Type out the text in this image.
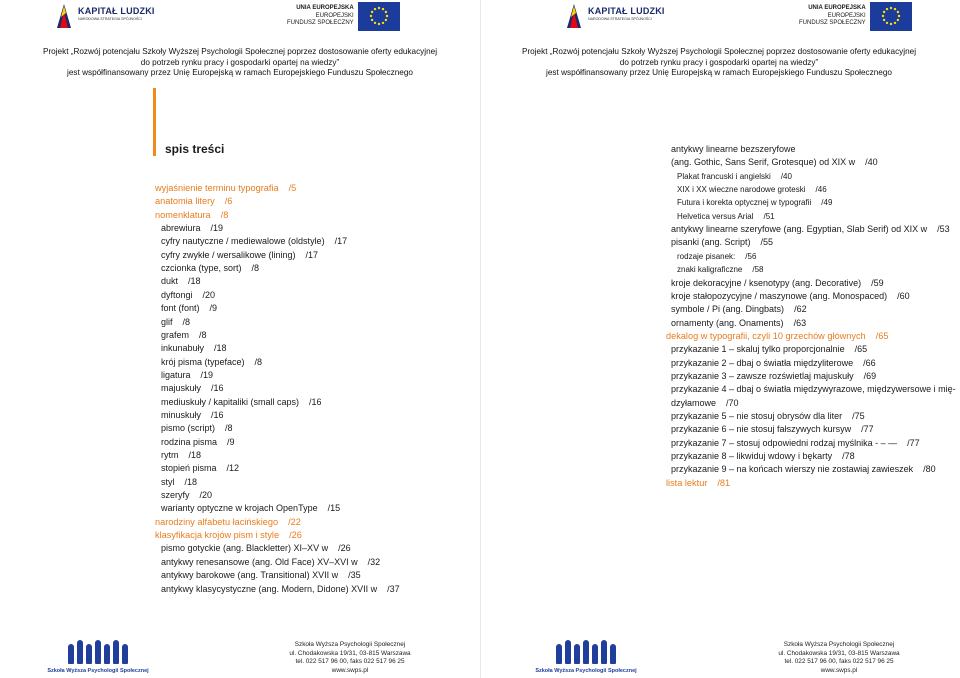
KAPITAŁ LUDZKI
NARODOWA STRATEGIA SPÓJNOŚCI
UNIA EUROPEJSKA
EUROPEJSKI
FUNDUSZ SPOŁECZNY
Projekt „Rozwój potencjału Szkoły Wyższej Psychologii Społecznej poprzez dostosowanie oferty edukacyjnej
do potrzeb rynku pracy i gospodarki opartej na wiedzy”
jest współfinansowany przez Unię Europejską w ramach Europejskiego Funduszu Społecznego
spis treści
wyjaśnienie terminu typografia /5
anatomia litery /6
nomenklatura /8
abrewiura /19
cyfry nautyczne / mediewalowe (oldstyle) /17
cyfry zwykłe / wersalikowe (lining) /17
czcionka (type, sort) /8
dukt /18
dyftongi /20
font (font) /9
glif /8
grafem /8
inkunabuły /18
krój pisma (typeface) /8
ligatura /19
majuskuły /16
mediuskuły / kapitaliki (small caps) /16
minuskuły /16
pismo (script) /8
rodzina pisma /9
rytm /18
stopień pisma /12
styl /18
szeryfy /20
warianty optyczne w krojach OpenType /15
narodziny alfabetu łacińskiego /22
klasyfikacja krojów pism i style /26
pismo gotyckie (ang. Blackletter) XI–XV w /26
antykwy renesansowe (ang. Old Face) XV–XVI w /32
antykwy barokowe (ang. Transitional) XVII w /35
antykwy klasycystyczne (ang. Modern, Didone) XVII w /37
Szkoła Wyższa Psychologii Społecznej
Szkoła Wyższa Psychologii Społecznej
ul. Chodakowska 19/31, 03-815 Warszawa
tel. 022 517 96 00, faks 022 517 96 25
www.swps.pl
KAPITAŁ LUDZKI
NARODOWA STRATEGIA SPÓJNOŚCI
UNIA EUROPEJSKA
EUROPEJSKI
FUNDUSZ SPOŁECZNY
Projekt „Rozwój potencjału Szkoły Wyższej Psychologii Społecznej poprzez dostosowanie oferty edukacyjnej
do potrzeb rynku pracy i gospodarki opartej na wiedzy”
jest współfinansowany przez Unię Europejską w ramach Europejskiego Funduszu Społecznego
antykwy linearne bezszeryfowe
(ang. Gothic, Sans Serif, Grotesque) od XIX w /40
Plakat francuski i angielski /40
XIX i XX wieczne narodowe groteski /46
Futura i korekta optycznej w typografii /49
Helvetica versus Arial /51
antykwy linearne szeryfowe (ang. Egyptian, Slab Serif) od XIX w /53
pisanki (ang. Script) /55
rodzaje pisanek: /56
znaki kaligraficzne /58
kroje dekoracyjne / ksenotypy (ang. Decorative) /59
kroje stałopozycyjne / maszynowe (ang. Monospaced) /60
symbole / Pi (ang. Dingbats) /62
ornamenty (ang. Onaments) /63
dekalog w typografii, czyli 10 grzechów głównych /65
przykazanie 1 – skaluj tylko proporcjonalnie /65
przykazanie 2 – dbaj o światła międzyliterowe /66
przykazanie 3 – zawsze rozświetlaj majuskuły /69
przykazanie 4 – dbaj o światła międzywyrazowe, międzywersowe i mię-
dzyłamowe /70
przykazanie 5 – nie stosuj obrysów dla liter /75
przykazanie 6 – nie stosuj fałszywych kursyw /77
przykazanie 7 – stosuj odpowiedni rodzaj myślnika - – — /77
przykazanie 8 – likwiduj wdowy i bękarty /78
przykazanie 9 – na końcach wierszy nie zostawiaj zawieszek /80
lista lektur /81
Szkoła Wyższa Psychologii Społecznej
Szkoła Wyższa Psychologii Społecznej
ul. Chodakowska 19/31, 03-815 Warszawa
tel. 022 517 96 00, faks 022 517 96 25
www.swps.pl
